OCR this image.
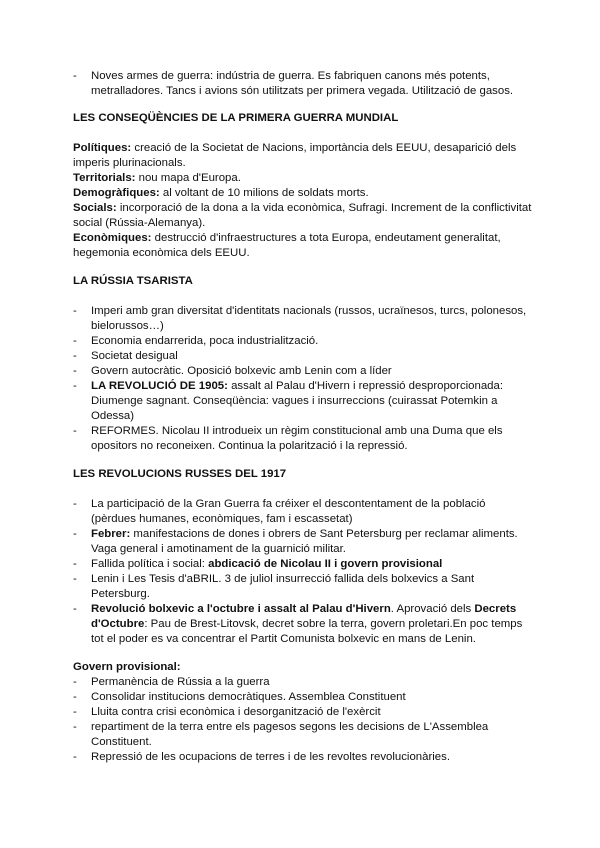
- Noves armes de guerra: indústria de guerra. Es fabriquen canons més potents, metralladores. Tancs i avions són utilitzats per primera vegada. Utilització de gasos.

LES CONSEQÜÈNCIES DE LA PRIMERA GUERRA MUNDIAL

Polítiques: creació de la Societat de Nacions, importància dels EEUU, desaparició dels imperis plurinacionals.
Territorials: nou mapa d'Europa.
Demogràfiques: al voltant de 10 milions de soldats morts.
Socials: incorporació de la dona a la vida econòmica, Sufragi. Increment de la conflictivitat social (Rússia-Alemanya).
Econòmiques: destrucció d'infraestructures a tota Europa, endeutament generalitat, hegemonia econòmica dels EEUU.

LA RÚSSIA TSARISTA

- Imperi amb gran diversitat d'identitats nacionals (russos, ucraïnesos, turcs, polonesos, bielorussos…)
- Economia endarrerida, poca industrialització.
- Societat desigual
- Govern autocràtic. Oposició bolxevic amb Lenin com a líder
- LA REVOLUCIÓ DE 1905: assalt al Palau d'Hivern i repressió desproporcionada: Diumenge sagnant. Conseqüència: vagues i insurreccions (cuirassat Potemkin a Odessa)
- REFORMES. Nicolau II introdueix un règim constitucional amb una Duma que els opositors no reconeixen. Continua la polarització i la repressió.

LES REVOLUCIONS RUSSES DEL 1917

- La participació de la Gran Guerra fa créixer el descontentament de la població (pèrdues humanes, econòmiques, fam i escassetat)
- Febrer: manifestacions de dones i obrers de Sant Petersburg per reclamar aliments. Vaga general i amotinament de la guarnició militar.
- Fallida política i social: abdicació de Nicolau II i govern provisional
- Lenin i Les Tesis d'aBRIL. 3 de juliol insurrecció fallida dels bolxevics a Sant Petersburg.
- Revolució bolxevic a l'octubre i assalt al Palau d'Hivern. Aprovació dels Decrets d'Octubre: Pau de Brest-Litovsk, decret sobre la terra, govern proletari.En poc temps tot el poder es va concentrar el Partit Comunista bolxevic en mans de Lenin.

Govern provisional:

- Permanència de Rússia a la guerra
- Consolidar institucions democràtiques. Assemblea Constituent
- Lluita contra crisi econòmica i desorganització de l'exèrcit
- repartiment de la terra entre els pagesos segons les decisions de L'Assemblea Constituent.
- Repressió de les ocupacions de terres i de les revoltes revolucionàries.
